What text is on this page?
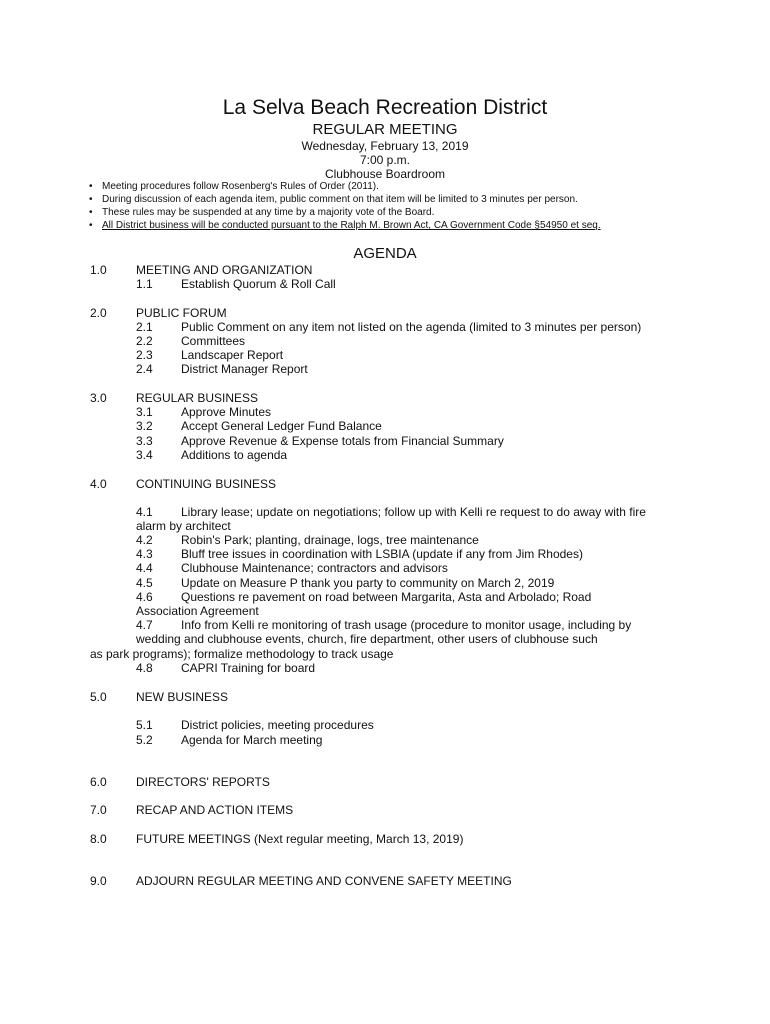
La Selva Beach Recreation District
REGULAR MEETING
Wednesday, February 13, 2019
7:00 p.m.
Clubhouse Boardroom
• Meeting procedures follow Rosenberg's Rules of Order (2011).
• During discussion of each agenda item, public comment on that item will be limited to 3 minutes per person.
• These rules may be suspended at any time by a majority vote of the Board.
• All District business will be conducted pursuant to the Ralph M. Brown Act, CA Government Code §54950 et seq.
AGENDA
1.0 MEETING AND ORGANIZATION
1.1 Establish Quorum & Roll Call
2.0 PUBLIC FORUM
2.1 Public Comment on any item not listed on the agenda (limited to 3 minutes per person)
2.2 Committees
2.3 Landscaper Report
2.4 District Manager Report
3.0 REGULAR BUSINESS
3.1 Approve Minutes
3.2 Accept General Ledger Fund Balance
3.3 Approve Revenue & Expense totals from Financial Summary
3.4 Additions to agenda
4.0 CONTINUING BUSINESS
4.1 Library lease; update on negotiations; follow up with Kelli re request to do away with fire
alarm by architect
4.2 Robin's Park; planting, drainage, logs, tree maintenance
4.3 Bluff tree issues in coordination with LSBIA (update if any from Jim Rhodes)
4.4 Clubhouse Maintenance; contractors and advisors
4.5 Update on Measure P thank you party to community on March 2, 2019
4.6 Questions re pavement on road between Margarita, Asta and Arbolado; Road
Association Agreement
4.7 Info from Kelli re monitoring of trash usage (procedure to monitor usage, including by
wedding and clubhouse events, church, fire department, other users of clubhouse such
as park programs); formalize methodology to track usage
4.8 CAPRI Training for board
5.0 NEW BUSINESS
5.1 District policies, meeting procedures
5.2 Agenda for March meeting
6.0 DIRECTORS' REPORTS
7.0 RECAP AND ACTION ITEMS
8.0 FUTURE MEETINGS (Next regular meeting, March 13, 2019)
9.0 ADJOURN REGULAR MEETING AND CONVENE SAFETY MEETING
